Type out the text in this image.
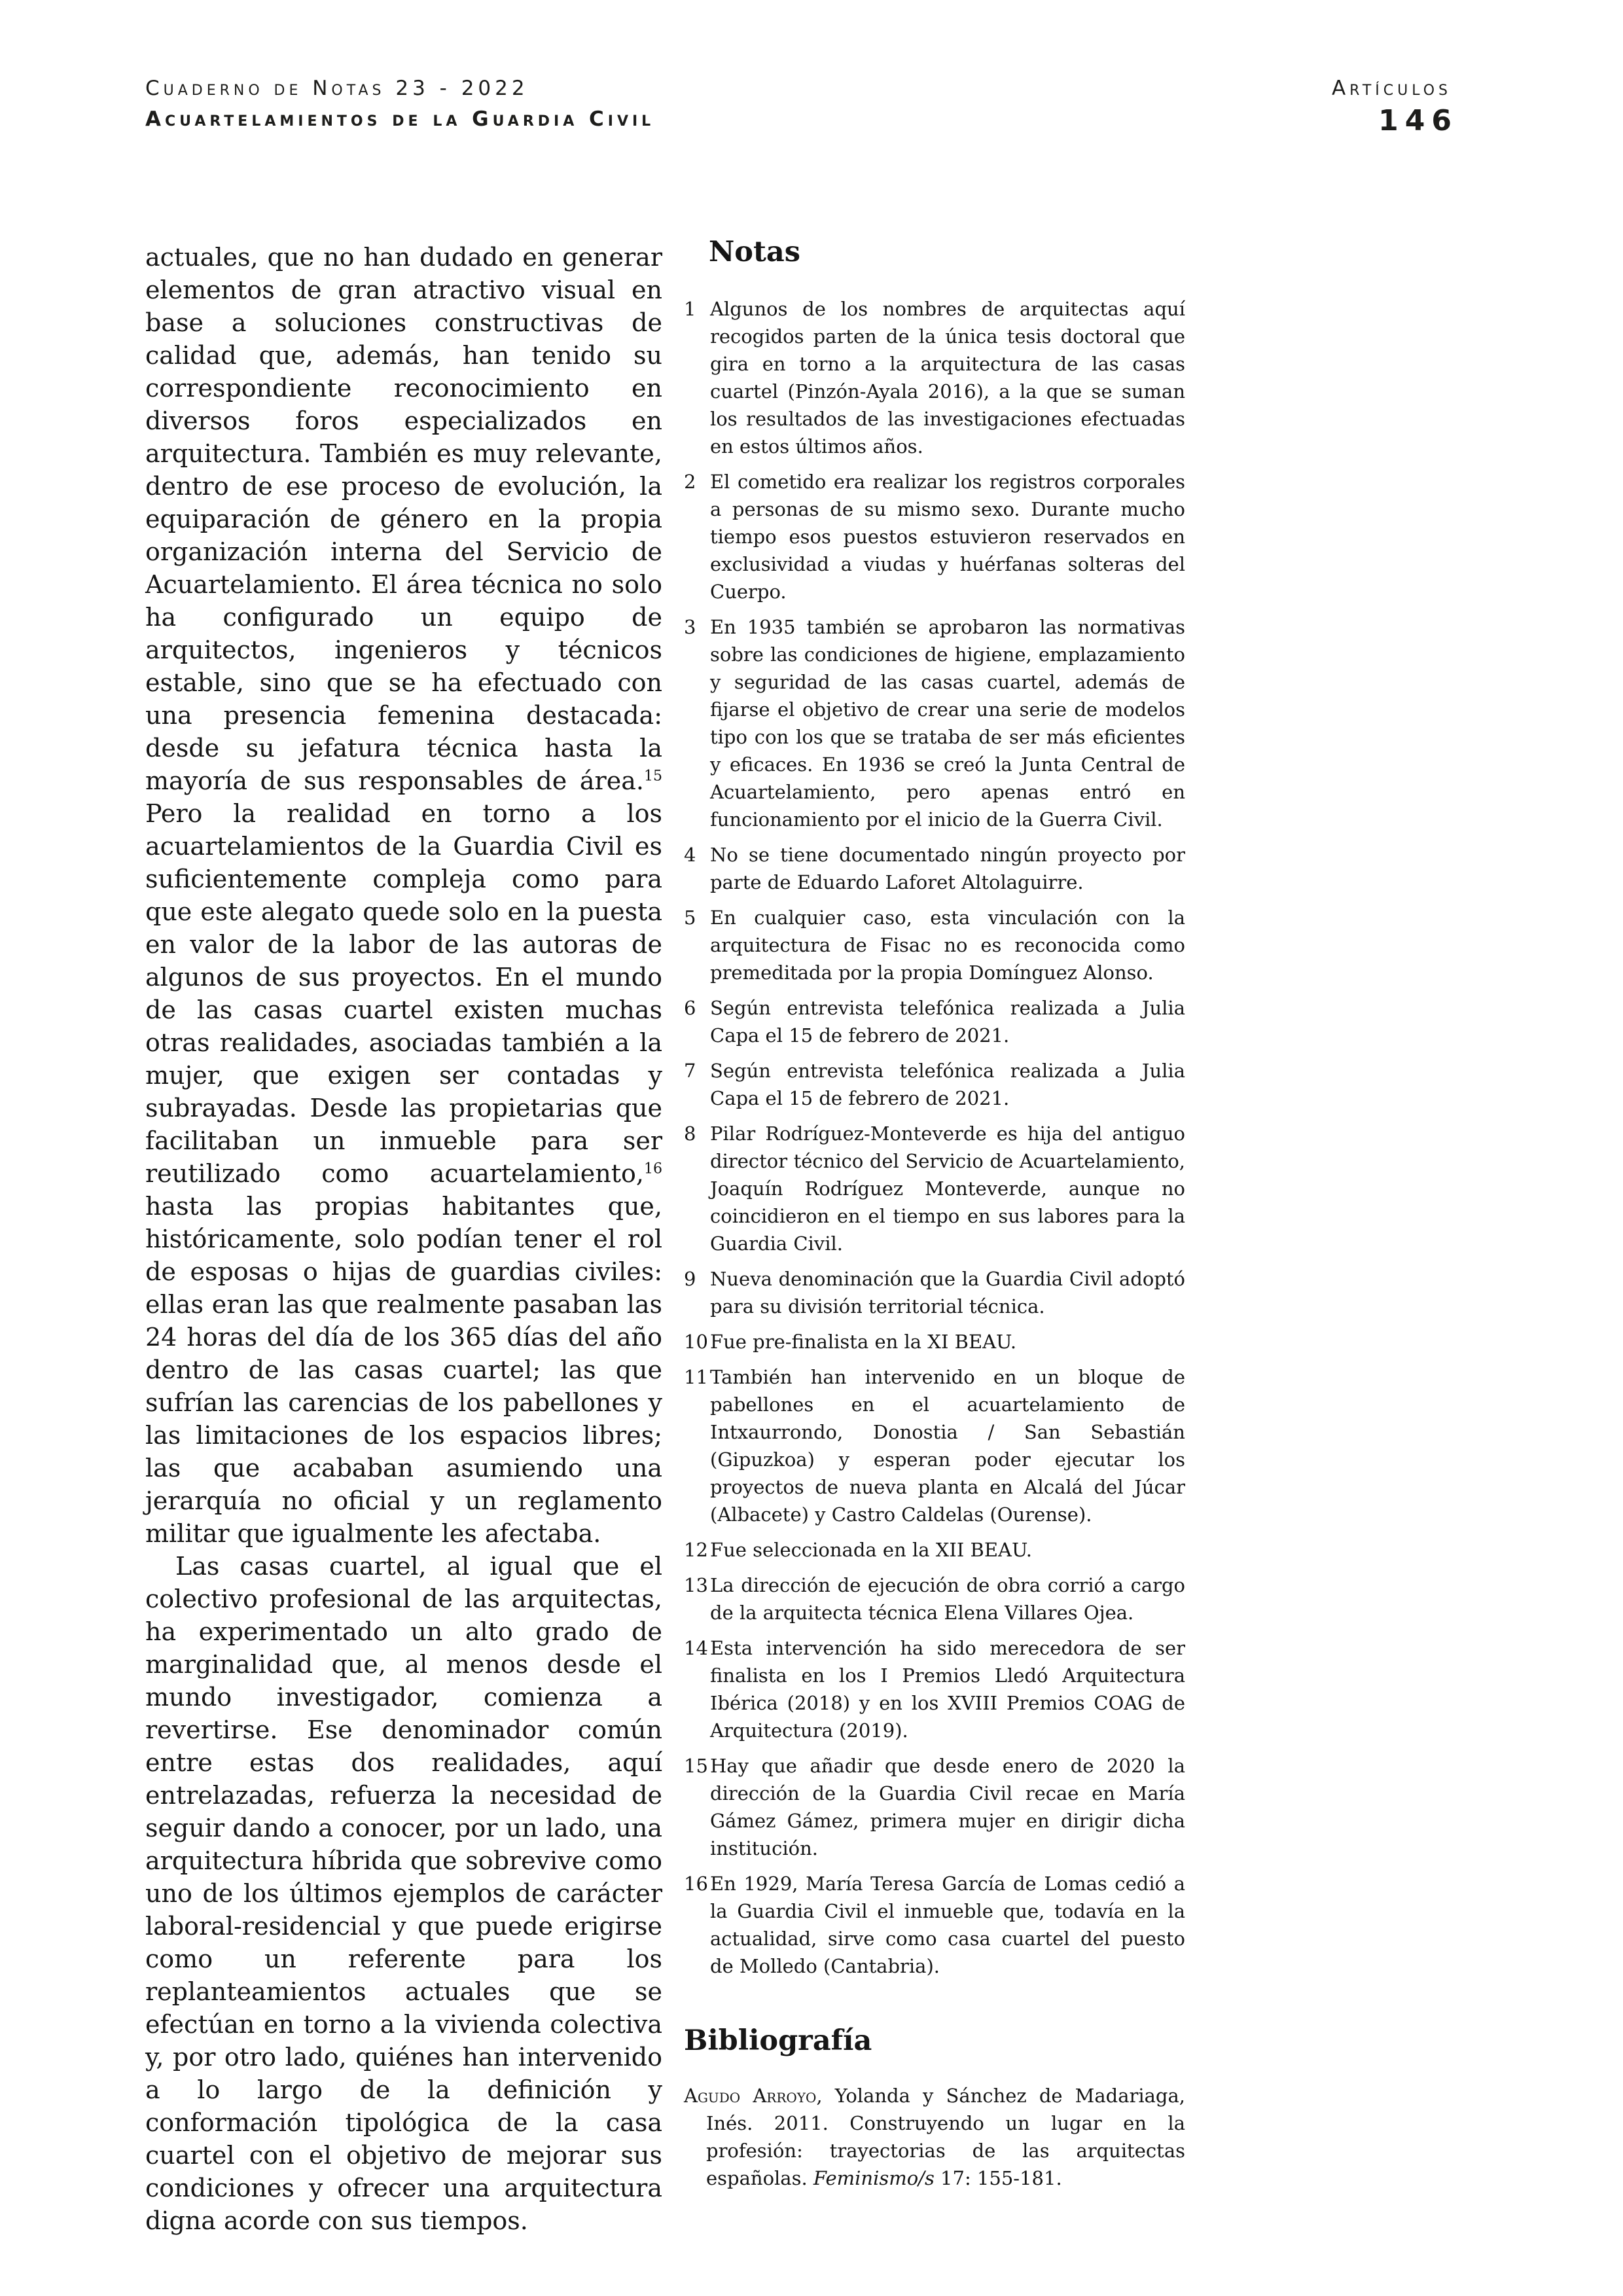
Cuaderno de Notas 23 - 2022
Acuartelamientos de la Guardia Civil
Artículos
146

actuales, que no han dudado en generar elementos de gran atractivo visual en base a soluciones constructivas de calidad que, además, han tenido su correspondiente reconocimiento en diversos foros especializados en arquitectura. También es muy relevante, dentro de ese proceso de evolución, la equiparación de género en la propia organización interna del Servicio de Acuartelamiento. El área técnica no solo ha configurado un equipo de arquitectos, ingenieros y técnicos estable, sino que se ha efectuado con una presencia femenina destacada: desde su jefatura técnica hasta la mayoría de sus responsables de área.$^{15}$ Pero la realidad en torno a los acuartelamientos de la Guardia Civil es suficientemente compleja como para que este alegato quede solo en la puesta en valor de la labor de las autoras de algunos de sus proyectos. En el mundo de las casas cuartel existen muchas otras realidades, asociadas también a la mujer, que exigen ser contadas y subrayadas. Desde las propietarias que facilitaban un inmueble para ser reutilizado como acuartelamiento,$^{16}$ hasta las propias habitantes que, históricamente, solo podían tener el rol de esposas o hijas de guardias civiles: ellas eran las que realmente pasaban las 24 horas del día de los 365 días del año dentro de las casas cuartel; las que sufrían las carencias de los pabellones y las limitaciones de los espacios libres; las que acababan asumiendo una jerarquía no oficial y un reglamento militar que igualmente les afectaba.

Las casas cuartel, al igual que el colectivo profesional de las arquitectas, ha experimentado un alto grado de marginalidad que, al menos desde el mundo investigador, comienza a revertirse. Ese denominador común entre estas dos realidades, aquí entrelazadas, refuerza la necesidad de seguir dando a conocer, por un lado, una arquitectura híbrida que sobrevive como uno de los últimos ejemplos de carácter laboral-residencial y que puede erigirse como un referente para los replanteamientos actuales que se efectúan en torno a la vivienda colectiva y, por otro lado, quiénes han intervenido a lo largo de la definición y conformación tipológica de la casa cuartel con el objetivo de mejorar sus condiciones y ofrecer una arquitectura digna acorde con sus tiempos.

Notas
1 Algunos de los nombres de arquitectas aquí recogidos parten de la única tesis doctoral que gira en torno a la arquitectura de las casas cuartel (Pinzón-Ayala 2016), a la que se suman los resultados de las investigaciones efectuadas en estos últimos años.
2 El cometido era realizar los registros corporales a personas de su mismo sexo. Durante mucho tiempo esos puestos estuvieron reservados en exclusividad a viudas y huérfanas solteras del Cuerpo.
3 En 1935 también se aprobaron las normativas sobre las condiciones de higiene, emplazamiento y seguridad de las casas cuartel, además de fijarse el objetivo de crear una serie de modelos tipo con los que se trataba de ser más eficientes y eficaces. En 1936 se creó la Junta Central de Acuartelamiento, pero apenas entró en funcionamiento por el inicio de la Guerra Civil.
4 No se tiene documentado ningún proyecto por parte de Eduardo Laforet Altolaguirre.
5 En cualquier caso, esta vinculación con la arquitectura de Fisac no es reconocida como premeditada por la propia Domínguez Alonso.
6 Según entrevista telefónica realizada a Julia Capa el 15 de febrero de 2021.
7 Según entrevista telefónica realizada a Julia Capa el 15 de febrero de 2021.
8 Pilar Rodríguez-Monteverde es hija del antiguo director técnico del Servicio de Acuartelamiento, Joaquín Rodríguez Monteverde, aunque no coincidieron en el tiempo en sus labores para la Guardia Civil.
9 Nueva denominación que la Guardia Civil adoptó para su división territorial técnica.
10 Fue pre-finalista en la XI BEAU.
11 También han intervenido en un bloque de pabellones en el acuartelamiento de Intxaurrondo, Donostia / San Sebastián (Gipuzkoa) y esperan poder ejecutar los proyectos de nueva planta en Alcalá del Júcar (Albacete) y Castro Caldelas (Ourense).
12 Fue seleccionada en la XII BEAU.
13 La dirección de ejecución de obra corrió a cargo de la arquitecta técnica Elena Villares Ojea.
14 Esta intervención ha sido merecedora de ser finalista en los I Premios Lledó Arquitectura Ibérica (2018) y en los XVIII Premios COAG de Arquitectura (2019).
15 Hay que añadir que desde enero de 2020 la dirección de la Guardia Civil recae en María Gámez Gámez, primera mujer en dirigir dicha institución.
16 En 1929, María Teresa García de Lomas cedió a la Guardia Civil el inmueble que, todavía en la actualidad, sirve como casa cuartel del puesto de Molledo (Cantabria).
Bibliografía

Agudo Arroyo, Yolanda y Sánchez de Madariaga, Inés. 2011. Construyendo un lugar en la profesión: trayectorias de las arquitectas españolas. Feminismo/s 17: 155-181.
